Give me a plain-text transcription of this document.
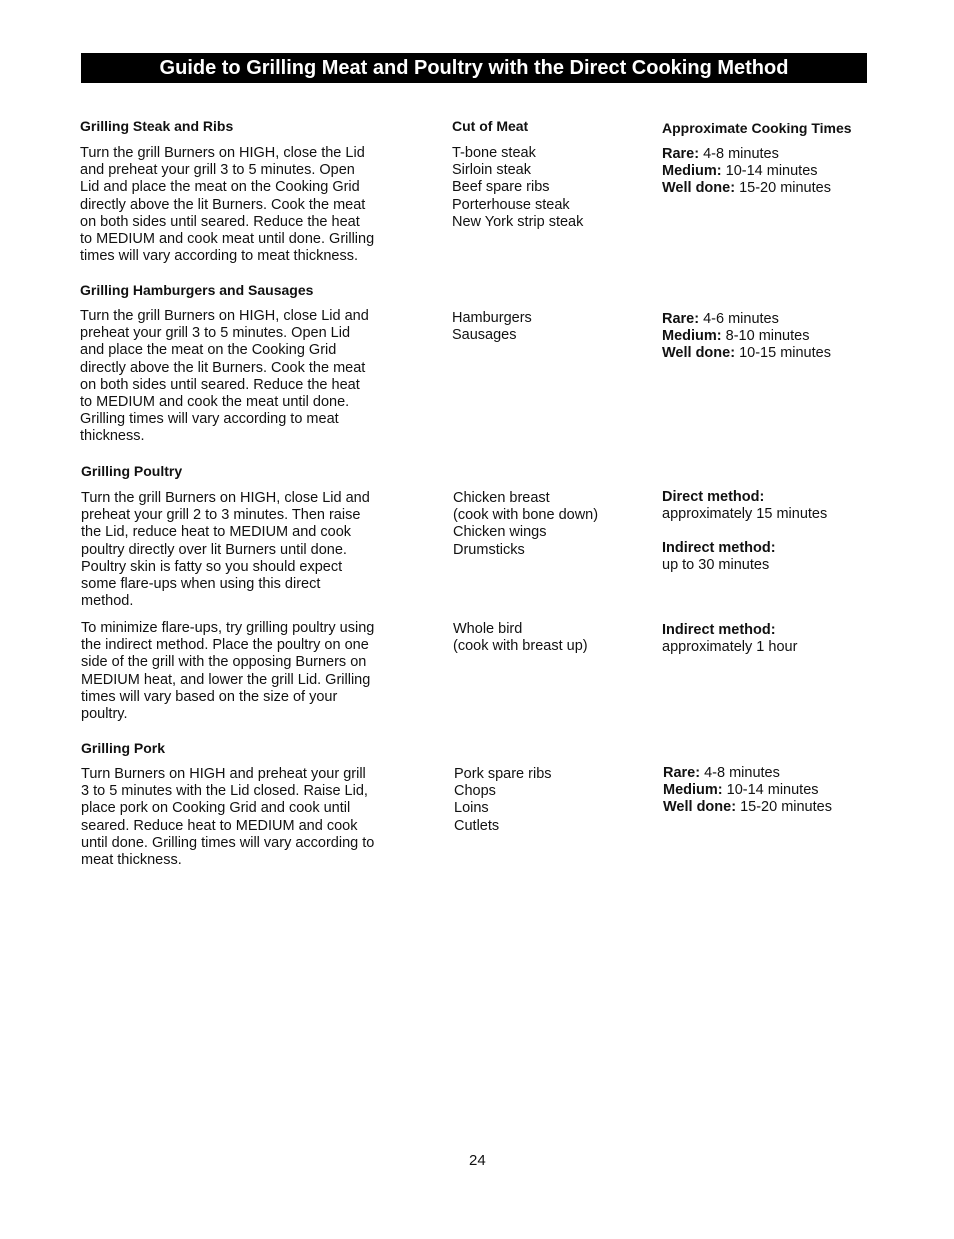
Guide to Grilling Meat and Poultry with the Direct Cooking Method
Grilling Steak and Ribs	Cut of Meat	Approximate Cooking Times
Turn the grill Burners on HIGH, close the Lid
and preheat your grill 3 to 5 minutes. Open
Lid and place the meat on the Cooking Grid
directly above the lit Burners. Cook the meat
on both sides until seared. Reduce the heat
to MEDIUM and cook meat until done. Grilling
times will vary according to meat thickness.
T-bone steak
Sirloin steak
Beef spare ribs
Porterhouse steak
New York strip steak
Rare: 4-8 minutes
Medium: 10-14 minutes
Well done: 15-20 minutes
Grilling Hamburgers and Sausages
Turn the grill Burners on HIGH, close Lid and
preheat your grill 3 to 5 minutes. Open Lid
and place the meat on the Cooking Grid
directly above the lit Burners. Cook the meat
on both sides until seared. Reduce the heat
to MEDIUM and cook the meat until done.
Grilling times will vary according to meat
thickness.
Hamburgers
Sausages
Rare: 4-6 minutes
Medium: 8-10 minutes
Well done: 10-15 minutes
Grilling Poultry
Turn the grill Burners on HIGH, close Lid and
preheat your grill 2 to 3 minutes. Then raise
the Lid, reduce heat to MEDIUM and cook
poultry directly over lit Burners until done.
Poultry skin is fatty so you should expect
some flare-ups when using this direct
method.
Chicken breast
(cook with bone down)
Chicken wings
Drumsticks
Direct method:
approximately 15 minutes
Indirect method:
up to 30 minutes
To minimize flare-ups, try grilling poultry using
the indirect method. Place the poultry on one
side of the grill with the opposing Burners on
MEDIUM heat, and lower the grill Lid. Grilling
times will vary based on the size of your
poultry.
Whole bird
(cook with breast up)
Indirect method:
approximately 1 hour
Grilling Pork
Turn Burners on HIGH and preheat your grill
3 to 5 minutes with the Lid closed. Raise Lid,
place pork on Cooking Grid and cook until
seared. Reduce heat to MEDIUM and cook
until done. Grilling times will vary according to
meat thickness.
Pork spare ribs
Chops
Loins
Cutlets
Rare: 4-8 minutes
Medium: 10-14 minutes
Well done: 15-20 minutes
24
